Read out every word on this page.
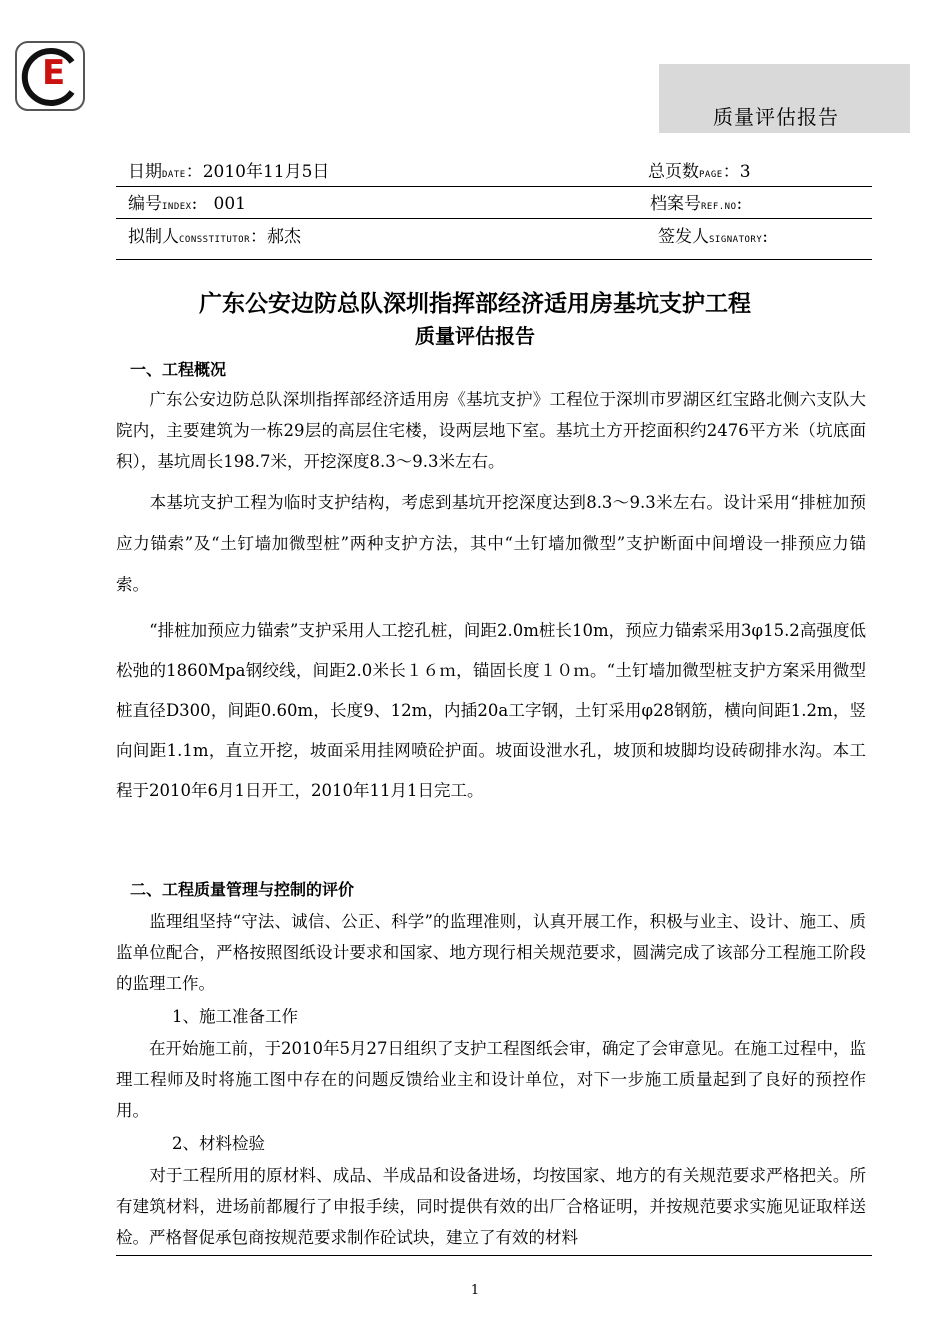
E
质量评估报告
日期DATE：2010年11月5日	总页数PAGE：3
编号INDEX:   001	档案号REF.NO:
拟制人CONSSTITUTOR：郝杰	签发人SIGNATORY:
广东公安边防总队深圳指挥部经济适用房基坑支护工程
质量评估报告
一、工程概况
　　广东公安边防总队深圳指挥部经济适用房《基坑支护》工程位于深圳市罗湖区红宝路北侧六支队大院内，主要建筑为一栋29层的高层住宅楼，设两层地下室。基坑土方开挖面积约2476平方米（坑底面积），基坑周长198.7米，开挖深度8.3～9.3米左右。
　　本基坑支护工程为临时支护结构，考虑到基坑开挖深度达到8.3～9.3米左右。设计采用“排桩加预应力锚索”及“土钉墙加微型桩”两种支护方法，其中“土钉墙加微型”支护断面中间增设一排预应力锚索。
　　“排桩加预应力锚索”支护采用人工挖孔桩，间距2.0m桩长10m，预应力锚索采用3φ15.2高强度低松弛的1860Mpa钢绞线，间距2.0米长１６ｍ，锚固长度１０ｍ。“土钉墙加微型桩支护方案采用微型桩直径D300，间距0.60m，长度9、12m，内插20a工字钢，土钉采用φ28钢筋，横向间距1.2m，竖向间距1.1m，直立开挖，坡面采用挂网喷砼护面。坡面设泄水孔，坡顶和坡脚均设砖砌排水沟。本工程于2010年6月1日开工，2010年11月1日完工。
二、工程质量管理与控制的评价
　　监理组坚持“守法、诚信、公正、科学”的监理准则，认真开展工作，积极与业主、设计、施工、质监单位配合，严格按照图纸设计要求和国家、地方现行相关规范要求，圆满完成了该部分工程施工阶段的监理工作。
1、施工准备工作
　　在开始施工前，于2010年5月27日组织了支护工程图纸会审，确定了会审意见。在施工过程中，监理工程师及时将施工图中存在的问题反馈给业主和设计单位，对下一步施工质量起到了良好的预控作用。
2、材料检验
　　对于工程所用的原材料、成品、半成品和设备进场，均按国家、地方的有关规范要求严格把关。所有建筑材料，进场前都履行了申报手续，同时提供有效的出厂合格证明，并按规范要求实施见证取样送检。严格督促承包商按规范要求制作砼试块，建立了有效的材料
1
